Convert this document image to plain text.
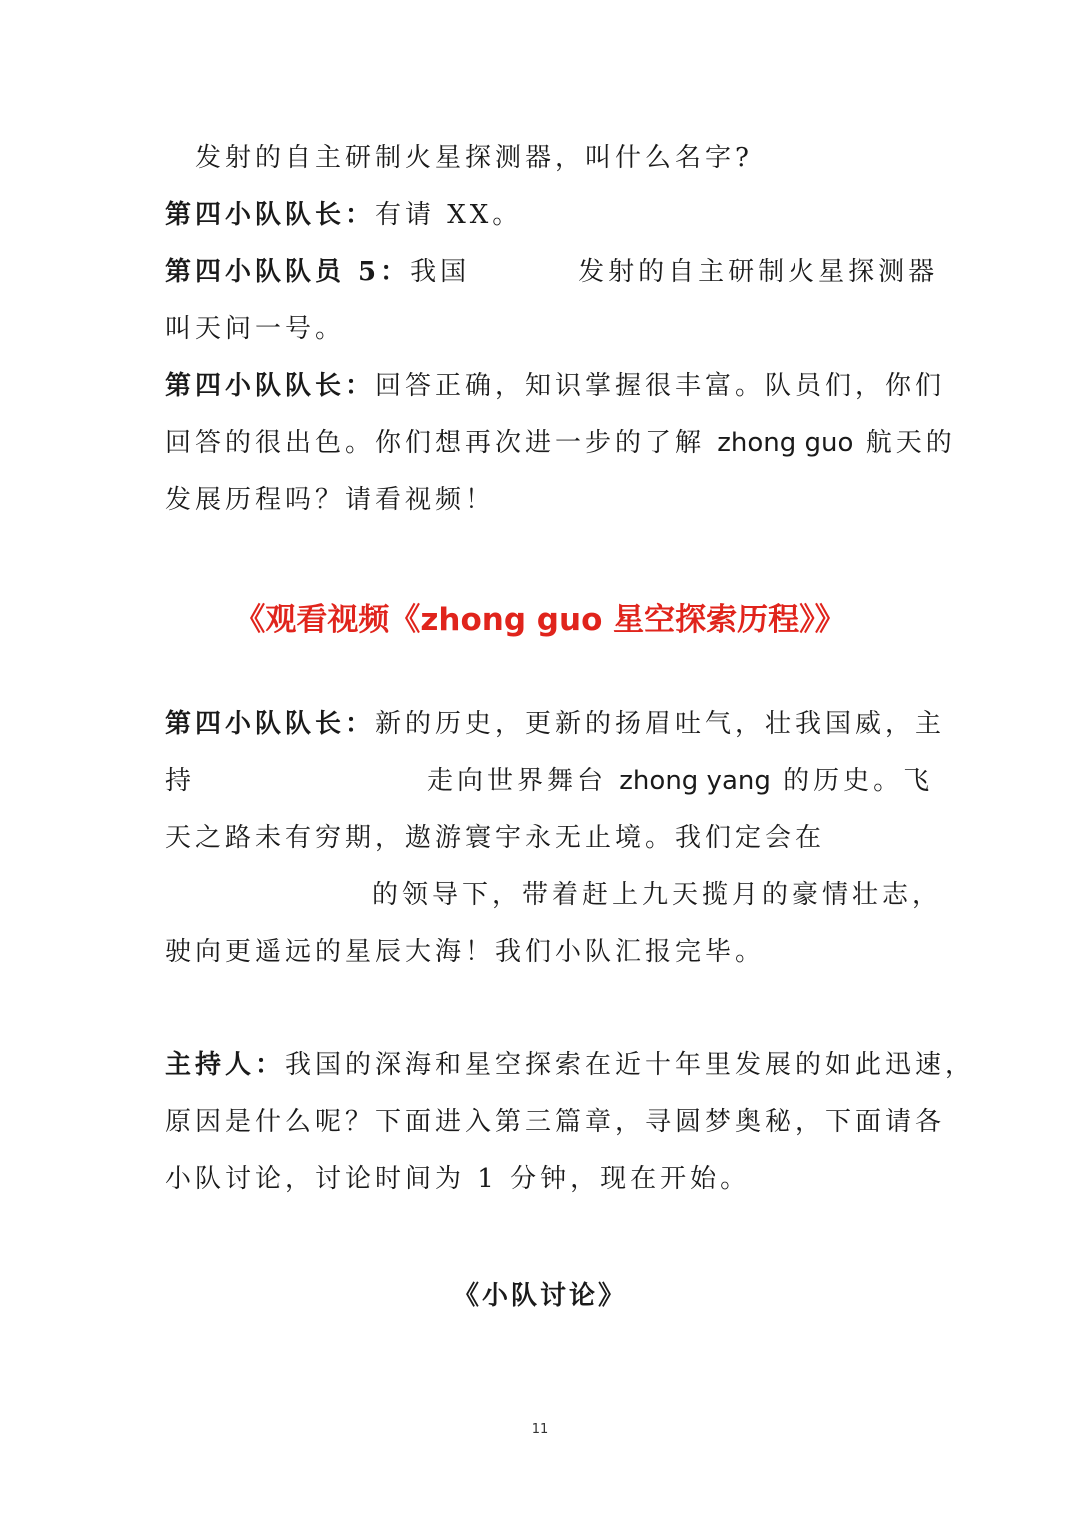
发射的自主研制火星探测器，叫什么名字?
第四小队队长：有请 XX。
第四小队队员 5：我国	发射的自主研制火星探测器
叫天问一号。
第四小队队长：回答正确，知识掌握很丰富。队员们，你们
回答的很出色。你们想再次进一步的了解 zhong guo 航天的
发展历程吗？请看视频！
《观看视频《zhong guo 星空探索历程》》
第四小队队长：新的历史，更新的扬眉吐气，壮我国威，主
持	走向世界舞台 zhong yang 的历史。飞
天之路未有穷期，遨游寰宇永无止境。我们定会在
的领导下，带着赶上九天揽月的豪情壮志，
驶向更遥远的星辰大海！我们小队汇报完毕。
主持人：我国的深海和星空探索在近十年里发展的如此迅速，
原因是什么呢？下面进入第三篇章，寻圆梦奥秘，下面请各
小队讨论，讨论时间为 1 分钟，现在开始。
《小队讨论》
11
